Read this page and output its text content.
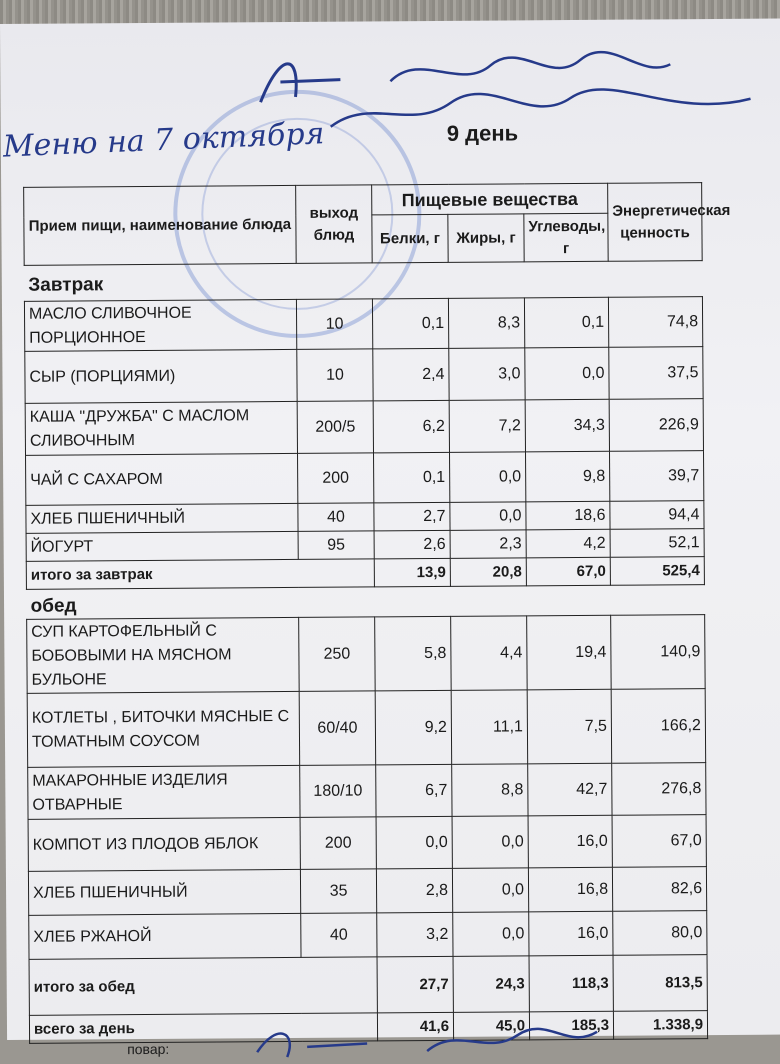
Меню на 7 октября	9 день
Прием пищи, наименование блюда	выход блюд	Пищевые вещества			Энергетическая ценность
		Белки, г	Жиры, г	Углеводы, г	
Завтрак					
МАСЛО СЛИВОЧНОЕ ПОРЦИОННОЕ	10	0,1	8,3	0,1	74,8
СЫР (ПОРЦИЯМИ)	10	2,4	3,0	0,0	37,5
КАША "ДРУЖБА" С МАСЛОМ СЛИВОЧНЫМ	200/5	6,2	7,2	34,3	226,9
ЧАЙ С САХАРОМ	200	0,1	0,0	9,8	39,7
ХЛЕБ ПШЕНИЧНЫЙ	40	2,7	0,0	18,6	94,4
ЙОГУРТ	95	2,6	2,3	4,2	52,1
итого за завтрак		13,9	20,8	67,0	525,4
обед					
СУП КАРТОФЕЛЬНЫЙ С БОБОВЫМИ НА МЯСНОМ БУЛЬОНЕ	250	5,8	4,4	19,4	140,9
КОТЛЕТЫ , БИТОЧКИ МЯСНЫЕ С ТОМАТНЫМ СОУСОМ	60/40	9,2	11,1	7,5	166,2
МАКАРОННЫЕ ИЗДЕЛИЯ ОТВАРНЫЕ	180/10	6,7	8,8	42,7	276,8
КОМПОТ ИЗ ПЛОДОВ ЯБЛОК	200	0,0	0,0	16,0	67,0
ХЛЕБ ПШЕНИЧНЫЙ	35	2,8	0,0	16,8	82,6
ХЛЕБ РЖАНОЙ	40	3,2	0,0	16,0	80,0
итого за обед		27,7	24,3	118,3	813,5
всего за день		41,6	45,0	185,3	1.338,9
повар:
